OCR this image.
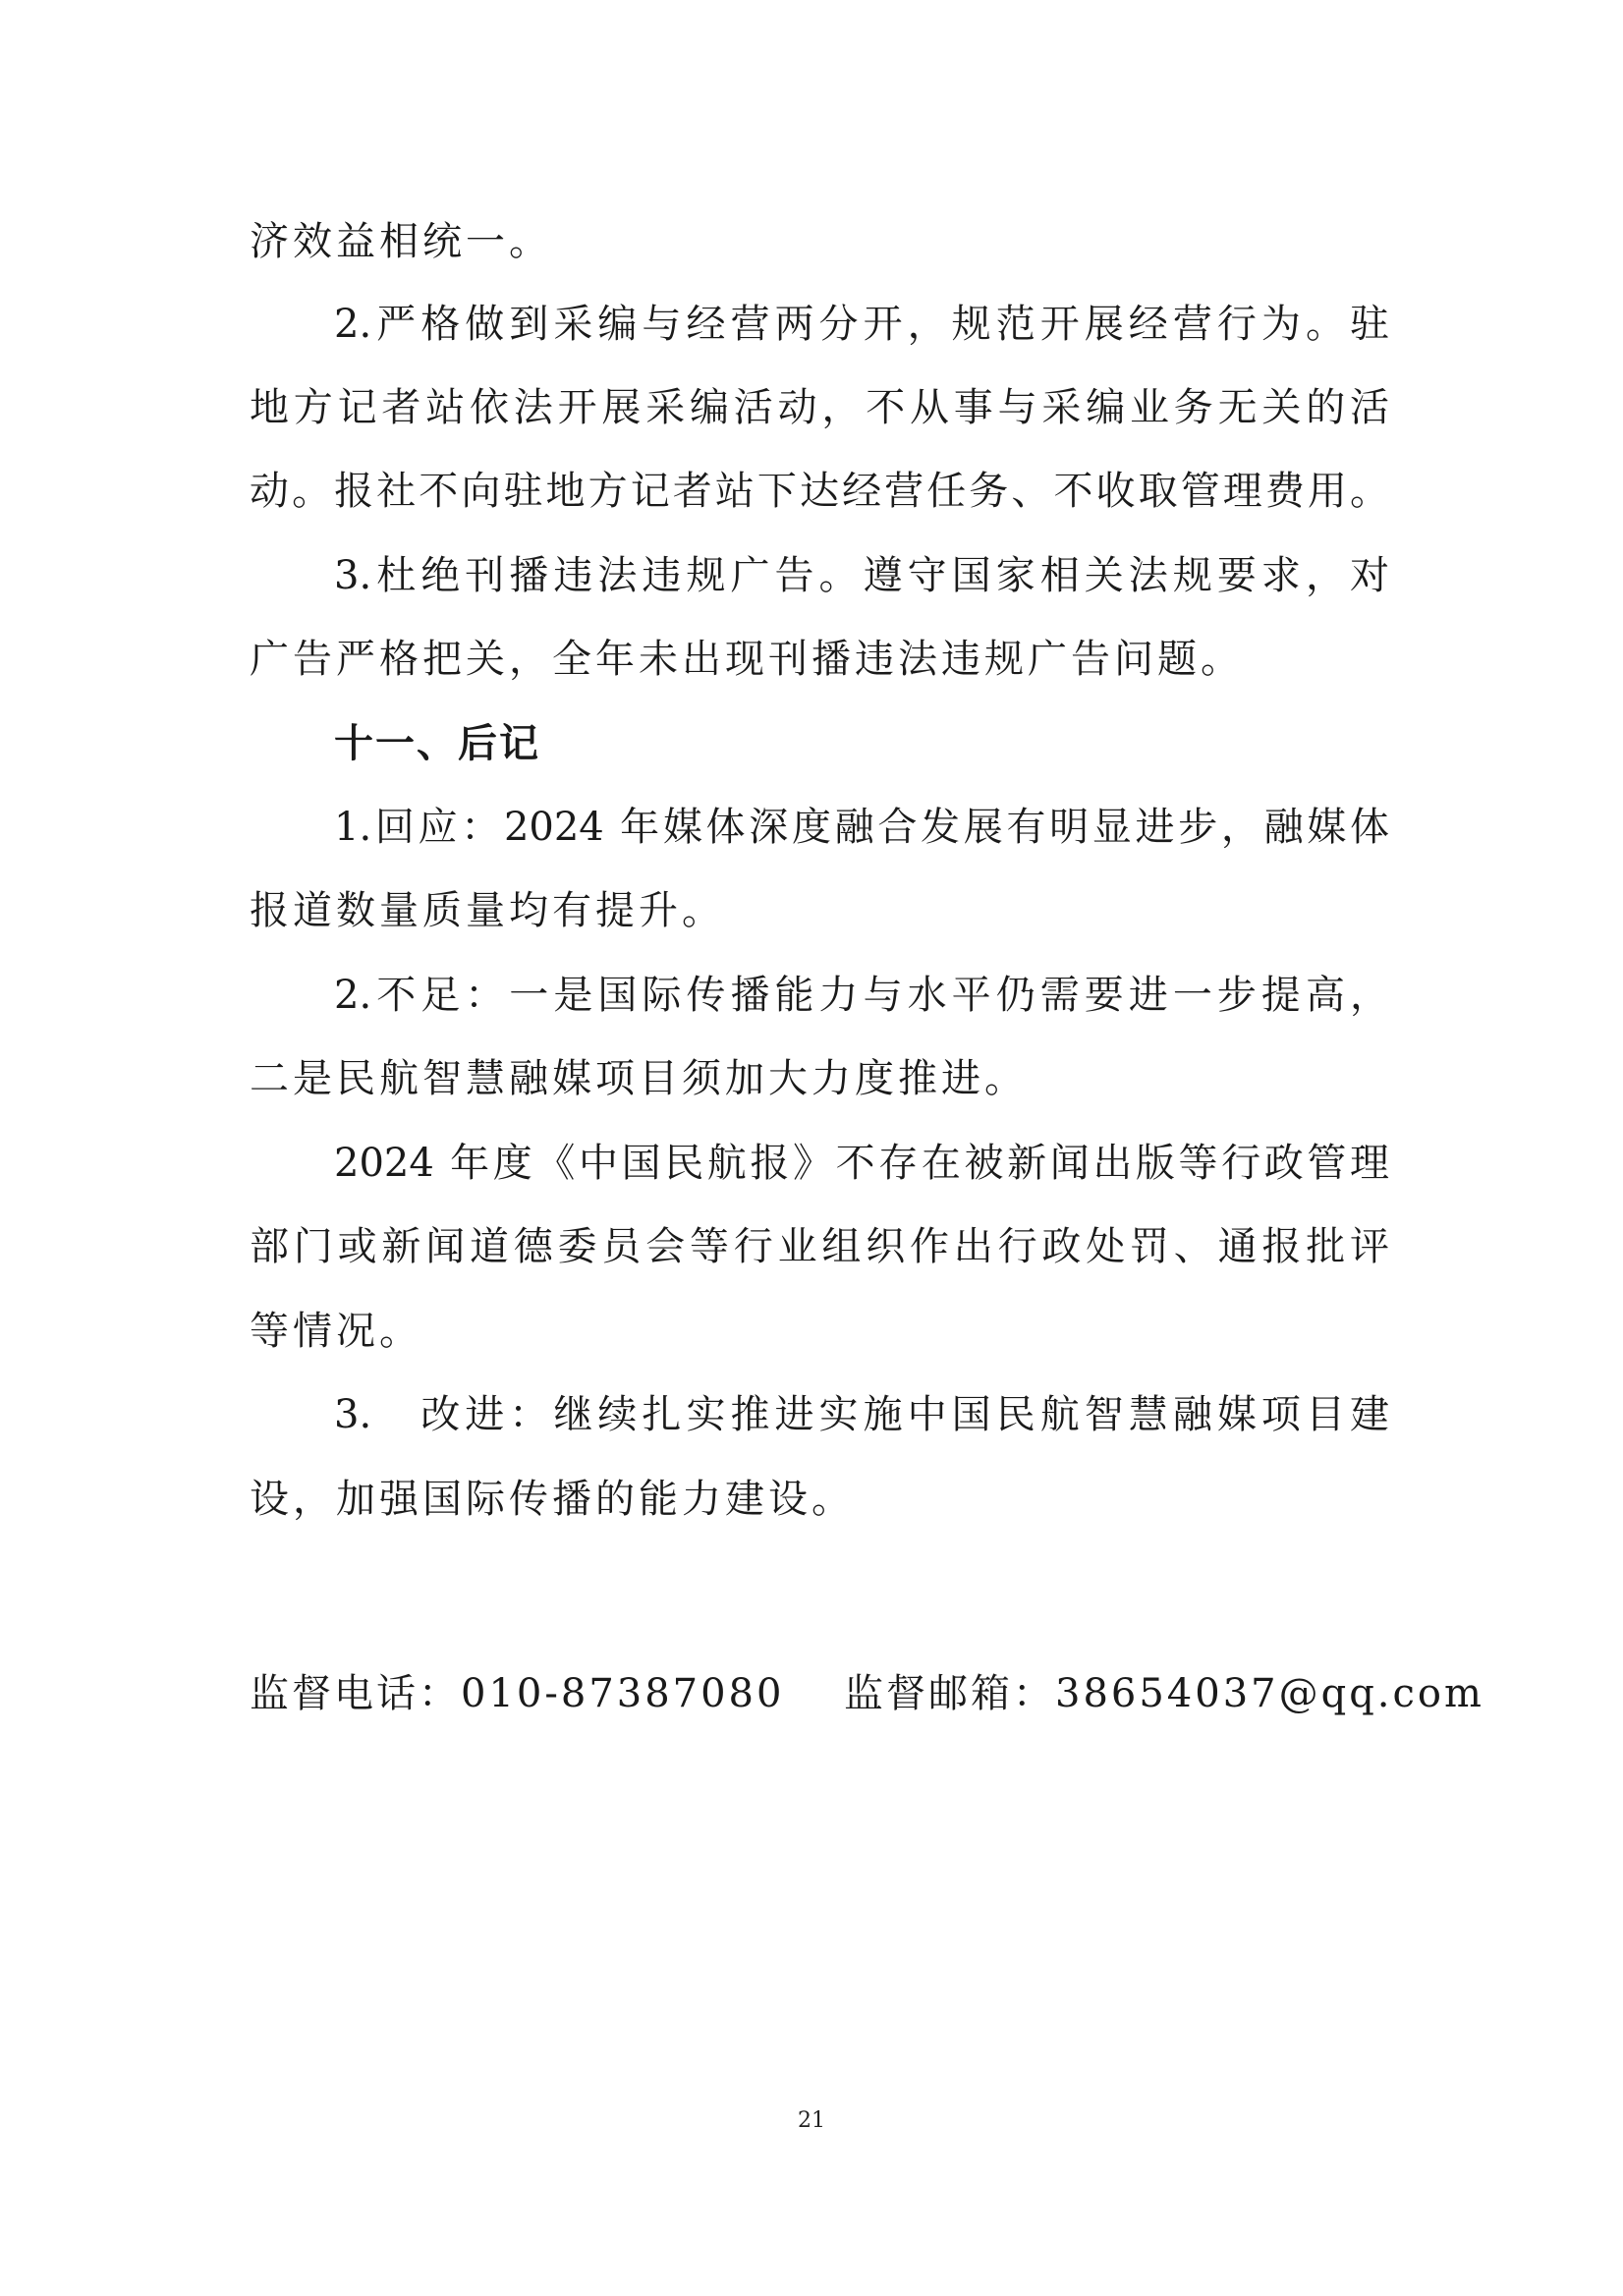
济效益相统一。
2.严格做到采编与经营两分开，规范开展经营行为。驻
地方记者站依法开展采编活动，不从事与采编业务无关的活
动。报社不向驻地方记者站下达经营任务、不收取管理费用。
3.杜绝刊播违法违规广告。遵守国家相关法规要求，对
广告严格把关，全年未出现刊播违法违规广告问题。
十一、后记
1.回应：2024 年媒体深度融合发展有明显进步，融媒体
报道数量质量均有提升。
2.不足：一是国际传播能力与水平仍需要进一步提高，
二是民航智慧融媒项目须加大力度推进。
2024 年度《中国民航报》不存在被新闻出版等行政管理
部门或新闻道德委员会等行业组织作出行政处罚、通报批评
等情况。
3.　改进：继续扎实推进实施中国民航智慧融媒项目建
设，加强国际传播的能力建设。
监督电话：010-87387080 监督邮箱：38654037@qq.com
21
